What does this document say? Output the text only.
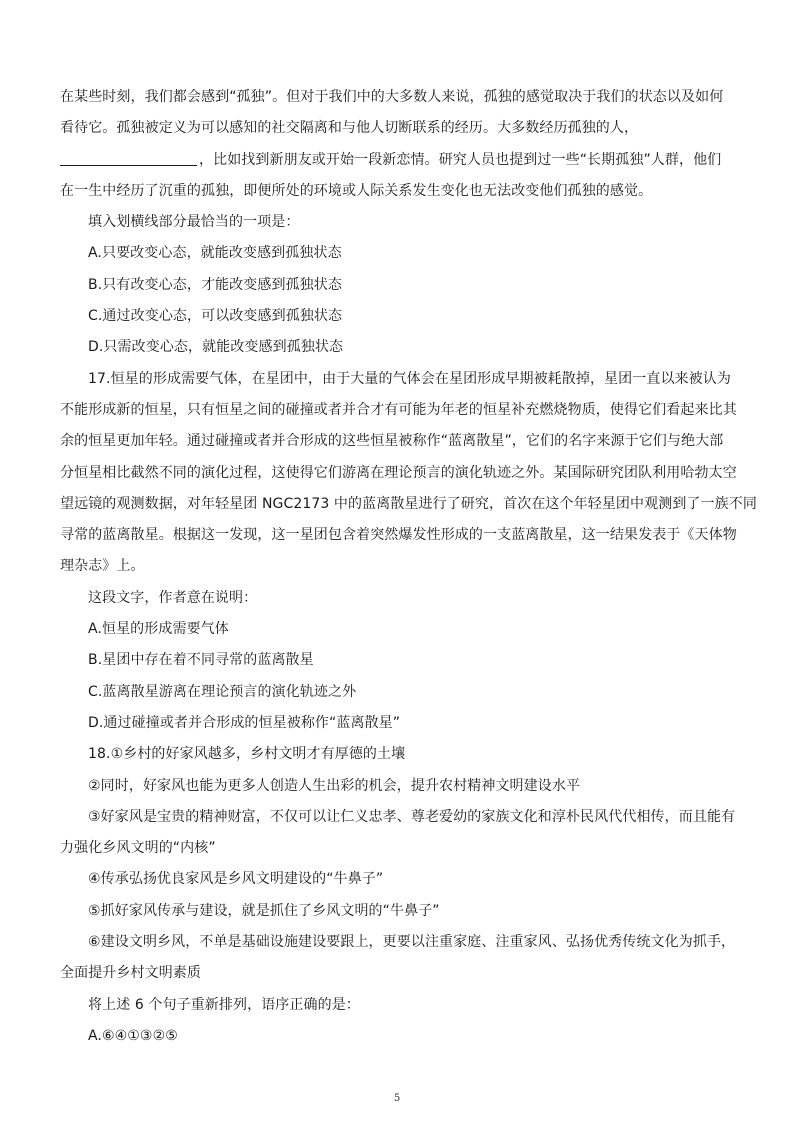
在某些时刻，我们都会感到“孤独”。但对于我们中的大多数人来说，孤独的感觉取决于我们的状态以及如何
看待它。孤独被定义为可以感知的社交隔离和与他人切断联系的经历。大多数经历孤独的人，
，比如找到新朋友或开始一段新恋情。研究人员也提到过一些“长期孤独”人群，他们
在一生中经历了沉重的孤独，即便所处的环境或人际关系发生变化也无法改变他们孤独的感觉。
填入划横线部分最恰当的一项是：
A.只要改变心态，就能改变感到孤独状态
B.只有改变心态，才能改变感到孤独状态
C.通过改变心态，可以改变感到孤独状态
D.只需改变心态，就能改变感到孤独状态
17.恒星的形成需要气体，在星团中，由于大量的气体会在星团形成早期被耗散掉，星团一直以来被认为
不能形成新的恒星，只有恒星之间的碰撞或者并合才有可能为年老的恒星补充燃烧物质，使得它们看起来比其
余的恒星更加年轻。通过碰撞或者并合形成的这些恒星被称作“蓝离散星”，它们的名字来源于它们与绝大部
分恒星相比截然不同的演化过程，这使得它们游离在理论预言的演化轨迹之外。某国际研究团队利用哈勃太空
望远镜的观测数据，对年轻星团 NGC2173 中的蓝离散星进行了研究，首次在这个年轻星团中观测到了一族不同
寻常的蓝离散星。根据这一发现，这一星团包含着突然爆发性形成的一支蓝离散星，这一结果发表于《天体物
理杂志》上。
这段文字，作者意在说明：
A.恒星的形成需要气体
B.星团中存在着不同寻常的蓝离散星
C.蓝离散星游离在理论预言的演化轨迹之外
D.通过碰撞或者并合形成的恒星被称作“蓝离散星”
18.①乡村的好家风越多，乡村文明才有厚德的土壤
②同时，好家风也能为更多人创造人生出彩的机会，提升农村精神文明建设水平
③好家风是宝贵的精神财富，不仅可以让仁义忠孝、尊老爱幼的家族文化和淳朴民风代代相传，而且能有
力强化乡风文明的“内核”
④传承弘扬优良家风是乡风文明建设的“牛鼻子”
⑤抓好家风传承与建设，就是抓住了乡风文明的“牛鼻子”
⑥建设文明乡风，不单是基础设施建设要跟上，更要以注重家庭、注重家风、弘扬优秀传统文化为抓手，
全面提升乡村文明素质
将上述 6 个句子重新排列，语序正确的是：
A.⑥④①③②⑤
5
